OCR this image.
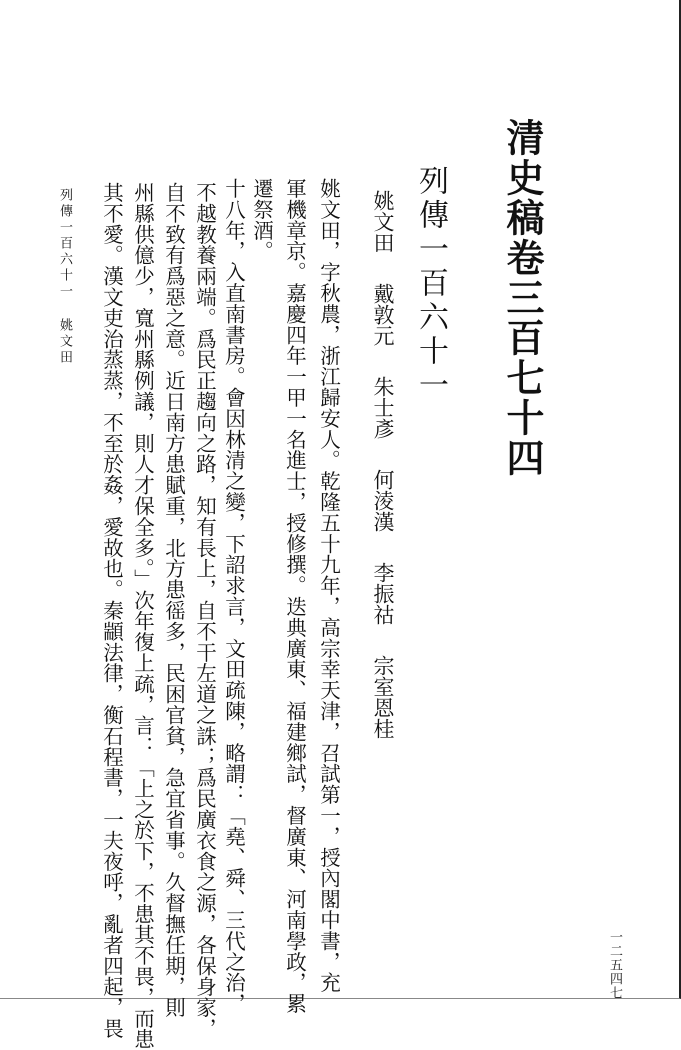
清史稿卷三百七十四
列傳一百六十一
姚文田
戴敦元
朱士彥
何淩漢
李振祜
宗室恩桂
姚文田，字秋農，浙江歸安人。乾隆五十九年，高宗幸天津，召試第一，授內閣中書，充
軍機章京。嘉慶四年一甲一名進士，授修撰。迭典廣東、福建鄉試，督廣東、河南學政，累
遷祭酒。
十八年，入直南書房。會因林清之變，下詔求言，文田疏陳，略謂：「堯、舜、三代之治，
不越教養兩端。爲民正趨向之路，知有長上，自不干左道之誅；爲民廣衣食之源，各保身家，
自不致有爲惡之意。近日南方患賦重，北方患徭多，民困官貧，急宜省事。久督撫任期，則
州縣供億少，寬州縣例議，則人才保全多。」次年復上疏，言：「上之於下，不患其不畏，而患
其不愛。漢文吏治蒸蒸，不至於姦，愛故也。秦顓法律，衡石程書，一夫夜呼，亂者四起，畏
列傳一百六十一姚文田
一二五四七
